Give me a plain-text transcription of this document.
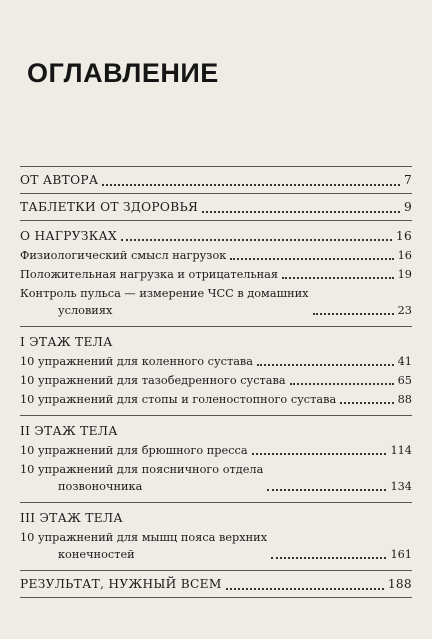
ОГЛАВЛЕНИЕ
ОТ АВТОРА	7
ТАБЛЕТКИ ОТ ЗДОРОВЬЯ	9
О НАГРУЗКАХ	16
Физиологический смысл нагрузок	16
Положительная нагрузка и отрицательная	19
Контроль пульса — измерение ЧСС в домашних
условиях	23
I ЭТАЖ ТЕЛА
10 упражнений для коленного сустава	41
10 упражнений для тазобедренного сустава	65
10 упражнений для стопы и голеностопного сустава	88
II ЭТАЖ ТЕЛА
10 упражнений для брюшного пресса	114
10 упражнений для поясничного отдела
позвоночника	134
III ЭТАЖ ТЕЛА
10 упражнений для мышц пояса верхних
конечностей	161
РЕЗУЛЬТАТ, НУЖНЫЙ ВСЕМ	188
